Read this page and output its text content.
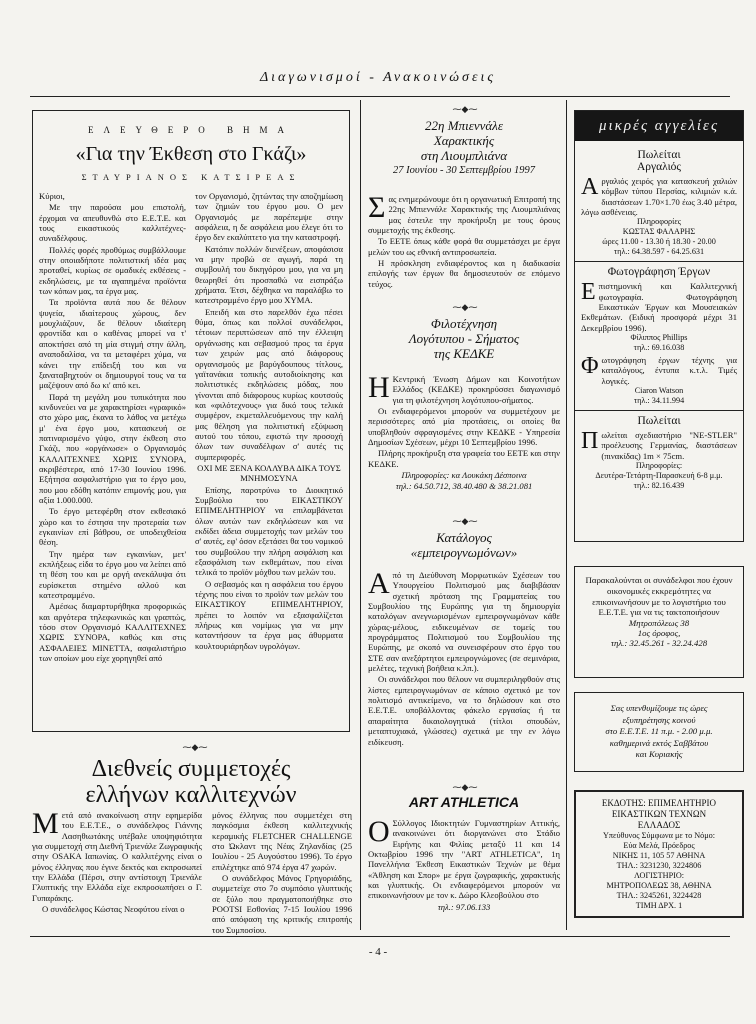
Διαγωνισμοί - Ανακοινώσεις
ΕΛΕΥΘΕΡΟ ΒΗΜΑ
«Για την Έκθεση στο Γκάζι»
ΣΤΑΥΡΙΑΝΟΣ ΚΑΤΣΙΡΕΑΣ

Κύριοι,

Με την παρούσα μου επιστολή, έρχομαι να απευθυνθώ στο Ε.Ε.Τ.Ε. και τους εικαστικούς καλλιτέχνες-συναδέλφους.

Πολλές φορές προθύμως συμβάλλουμε στην οποιαδήποτε πολιτιστική ιδέα μας προταθεί, κυρίως σε ομαδικές εκθέσεις - εκδηλώσεις, με τα αγαπημένα προϊόντα των κόπων μας, τα έργα μας.

Τα προϊόντα αυτά που δε θέλουν ψυγεία, ιδιαίτερους χώρους, δεν μουχλιάζουν, δε θέλουν ιδιαίτερη φροντίδα και ο καθένας μπορεί να τ' αποκτήσει από τη μία στιγμή στην άλλη, αναποδαλίσα, να τα μεταφέρει χύμα, να κάνει την επίδειξή του και να ξαναταβηχτούν οι δημιουργοί τους να τα μαζέψουν από δω κι' από κει.

Παρά τη μεγάλη μου τυπικότητα που κινδυνεύει να με χαρακτηρίσει «γραφικό» στο χώρο μας, έκανα το λάθος να μετέχω μ' ένα έργο μου, κατασκευή σε πατιναρισμένο γύψο, στην έκθεση στο Γκάζι, που «οργάνωσε» ο Οργανισμός ΚΑΛΛΙΤΕΧΝΕΣ ΧΩΡΙΣ ΣΥΝΟΡΑ, ακριβέστερα, από 17-30 Ιουνίου 1996. Εξήτησα ασφαλιστήριο για το έργο μου, που μου εδόθη κατόπιν επιμονής μου, για αξία 1.000.000.

Το έργο μετεφέρθη στον εκθεσιακό χώρο και το έστησα την προτεραία των εγκαινίων επί βάθρου, σε υποδειχθείσα θέση.

Την ημέρα των εγκαινίων, μετ' εκπλήξεως είδα το έργο μου να λείπει από τη θέση του και με οργή ανεκάλυψα ότι ευρίσκεται στημένο αλλού και κατεστραμμένο.

Αμέσως διαμαρτυρήθηκα προφορικώς και αργότερα τηλεφωνικώς και γραπτώς, τόσο στον Οργανισμό ΚΑΛΛΙΤΕΧΝΕΣ ΧΩΡΙΣ ΣΥΝΟΡΑ, καθώς και στις ΑΣΦΑΛΕΙΕΣ MINETTA, ασφαλιστήριο των οποίων μου είχε χορηγηθεί από

τον Οργανισμό, ζητώντας την αποζημίωση των ζημιών του έργου μου. Ο μεν Οργανισμός με παρέπεμψε στην ασφάλεια, η δε ασφάλεια μου έλεγε ότι το έργο δεν εκαλύπτετο για την καταστροφή.

Κατόπιν πολλών διενέξεων, αποφάσισα να μην προβώ σε αγωγή, παρά τη συμβουλή του δικηγόρου μου, για να μη θεωρηθεί ότι προσπαθώ να εισπράξω χρήματα. Έτσι, δέχθηκα να παραλάβω το κατεστραμμένο έργο μου ΧΥΜΑ.

Επειδή και στο παρελθόν έχω πέσει θύμα, όπως και πολλοί συνάδελφοι, τέτοιων περιπτώσεων από την έλλειψη οργάνωσης και σεβασμού προς τα έργα των χειρών μας από διάφορους οργανισμούς με βαρύγδουπους τίτλους, γαϊτανάκια τοπικής αυτοδιοίκησης και πολιτιστικές εκδηλώσεις μόδας, που γίνονται από διάφορους κυρίως κουτσούς και «φιλότεχνους» για δικό τους τελικά συμφέρον, εκμεταλλευόμενους την καλή μας θέληση για πολιτιστική εξύψωση αυτού του τόπου, εφιστώ την προσοχή όλων των συναδέλφων σ' αυτές τις συμπεριφορές.

ΟΧΙ ΜΕ ΞΕΝΑ ΚΟΛΛΥΒΑ ΔΙΚΑ ΤΟΥΣ ΜΝΗΜΟΣΥΝΑ

Επίσης, παροτρύνω το Διοικητικό Συμβούλιο του ΕΙΚΑΣΤΙΚΟΥ ΕΠΙΜΕΛΗΤΗΡΙΟΥ να επιλαμβάνεται όλων αυτών των εκδηλώσεων και να εκδίδει άδεια συμμετοχής των μελών του σ' αυτές, εφ' όσον εξετάσει θα του νομικού του συμβούλου την πλήρη ασφάλιση και εξασφάλιση των εκθεμάτων, που είναι τελικά το προϊόν μόχθου των μελών του.

Ο σεβασμός και η ασφάλεια του έργου τέχνης που είναι το προϊόν των μελών του ΕΙΚΑΣΤΙΚΟΥ ΕΠΙΜΕΛΗΤΗΡΙΟΥ, πρέπει το λοιπόν να εξασφαλίζεται πλήρως και νομίμως για να μην καταντήσουν τα έργα μας άθυρματα κουλτουριάρηδων υγρολόγων.

⁓◆⁓
Διεθνείς συμμετοχές
ελλήνων καλλιτεχνών
Μ ετά από ανακοίνωση στην εφημερίδα του Ε.Ε.Τ.Ε., ο συνάδελφος Γιάννης Λασηθιωτάκης υπέβαλε υποψηφιότητα για συμμετοχή στη Διεθνή Τριενάλε Ζωγραφικής στην OSAKA Ιαπωνίας. Ο καλλιτέχνης είναι ο μόνος έλληνας που έγινε δεκτός και εκπροσωπεί την Ελλάδα (Πέρσι, στην αντίστοιχη Τριενάλε Γλυπτικής την Ελλάδα είχε εκπροσωπήσει ο Γ. Γυπαράκης.

Ο συνάδελφος Κώστας Νεοφύτου είναι ο

μόνος έλληνας που συμμετέχει στη παγκόσμια έκθεση καλλιτεχνικής κεραμικής FLETCHER CHALLENGE στο Ώκλαντ της Νέας Ζηλανδίας (25 Ιουλίου - 25 Αυγούστου 1996). Το έργο επιλέχτηκε από 974 έργα 47 χωρών.

Ο συνάδελφος Μάνος Γρηγοριάδης, συμμετείχε στο 7ο συμπόσιο γλυπτικής σε ξύλο που πραγματοποιήθηκε στο POOTSI Εσθονίας 7-15 Ιουλίου 1996 από απόφαση της κριτικής επιτροπής του Συμποσίου.

⁓◆⁓
22η Μπιεννάλε
Χαρακτικής
στη Λιουμπλιάνα
27 Ιουνίου - 30 Σεπτεμβρίου 1997
Σ ας ενημερώνουμε ότι η οργανωτική Επιτροπή της 22ης Μπιεννάλε Χαρακτικής της Λιουμπλιάνας μας έστειλε την προκήρυξη με τους όρους συμμετοχής της έκθεσης.

Το ΕΕΤΕ όπως κάθε φορά θα συμμετάσχει με έργα μελών του ως εθνική αντιπροσωπεία.

Η πρόσκληση ενδιαφέροντος και η διαδικασία επιλογής των έργων θα δημοσιευτούν σε επόμενο τεύχος.

⁓◆⁓
Φιλοτέχνηση
Λογότυπου - Σήματος
της ΚΕΔΚΕ
Η Κεντρική Ένωση Δήμων και Κοινοτήτων Ελλάδος (ΚΕΔΚΕ) προκηρύσσει διαγωνισμό για τη φιλοτέχνηση λογότυπου-σήματος.

Οι ενδιαφερόμενοι μπορούν να συμμετέχουν με περισσότερες από μία προτάσεις, οι οποίες θα υποβληθούν σφραγισμένες στην ΚΕΔΚΕ - Υπηρεσία Δημοσίων Σχέσεων, μέχρι 10 Σεπτεμβρίου 1996.

Πλήρης προκήρυξη στα γραφεία του ΕΕΤΕ και στην ΚΕΔΚΕ.

Πληροφορίες: κα Λουκάκη Δέσποινα

τηλ.: 64.50.712, 38.40.480 & 38.21.081

⁓◆⁓
Κατάλογος
«εμπειρογνωμόνων»
Α πό τη Διεύθυνση Μορφωτικών Σχέσεων του Υπουργείου Πολιτισμού μας διαβιβάσαν σχετική πρόταση της Γραμματείας του Συμβουλίου της Ευρώπης για τη δημιουργία καταλόγων ανεγνωρισμένων εμπειρογνωμόνων κάθε χώρας-μέλους, ειδικευμένων σε τομείς του προγράμματος Πολιτισμού του Συμβουλίου της Ευρώπης, με σκοπό να συνεισφέρουν στο έργο του ΣΤΕ σαν ανεξάρτητοι εμπειρογνώμονες (σε σεμινάρια, μελέτες, τεχνική βοήθεια κ.λπ.).

Οι συνάδελφοι που θέλουν να συμπεριληφθούν στις λίστες εμπειρογνωμόνων σε κάποιο σχετικό με τον πολιτισμό αντικείμενο, να το δηλώσουν και στο Ε.Ε.Τ.Ε. υποβάλλοντας φάκελο εργασίας ή τα απαραίτητα δικαιολογητικά (τίτλοι σπουδών, μεταπτυχιακά, γλώσσες) σχετικά με την εν λόγω ειδίκευση.

⁓◆⁓
ART ATHLETICA
Ο Σύλλογος Ιδιοκτητών Γυμναστηρίων Αττικής, ανακοινώνει ότι διοργανώνει στο Στάδιο Ειρήνης και Φιλίας μεταξύ 11 και 14 Οκτωβρίου 1996 την "ART ATHLETICA", 1η Πανελλήνια Έκθεση Εικαστικών Τεχνών με θέμα «Άθληση και Σπορ» με έργα ζωγραφικής, χαρακτικής και γλυπτικής. Οι ενδιαφερόμενοι μπορούν να επικοινωνήσουν με τον κ. Δώρο Κλεοβούλου στο

τηλ.: 97.06.133

μικρές αγγελίες
Πωλείται
Αργαλιός
Α ργαλιός χειρός για κατασκευή χαλιών κόμβων τύπου Περσίας, κιλιμιών κ.ά. διαστάσεων 1.70×1.70 έως 3.40 μέτρα, λόγω ασθένειας.
Πληροφορίες
ΚΩΣΤΑΣ ΦΑΛΑΡΗΣ
ώρες 11.00 - 13.30 ή 18.30 - 20.00
τηλ.: 64.38.597 - 64.25.631
Φωτογράφηση Έργων
Ε πιστημονική και Καλλιτεχνική φωτογραφία. Φωτογράφηση Εικαστικών Έργων και Μουσειακών Εκθεμάτων. (Ειδική προσφορά μέχρι 31 Δεκεμβρίου 1996).
Φίλιππος Phillips
τηλ.: 69.16.038
Φ ωτογράφηση έργων τέχνης για καταλόγους, έντυπα κ.τ.λ. Τιμές λογικές.
Ciaron Watson
τηλ.: 34.11.994
Πωλείται
Π ωλείται σχεδιαστήριο "NE-STLER" προέλευσης Γερμανίας, διαστάσεων (πινακίδας) 1m × 75cm.
Πληροφορίες:
Δευτέρα-Τετάρτη-Παρασκευή 6-8 μ.μ.
τηλ.: 82.16.439
Παρακαλούνται οι συνάδελφοι που έχουν οικονομικές εκκρεμότητες να επικοινωνήσουν με το λογιστήριο του Ε.Ε.Τ.Ε. για να τις τακτοποιήσουν
Μητροπόλεως 38
1ος όροφος,
τηλ.: 32.45.261 - 32.24.428
Σας υπενθυμίζουμε τις ώρες
εξυπηρέτησης κοινού
στο Ε.Ε.Τ.Ε. 11 π.μ. - 2.00 μ.μ.
καθημερινά εκτός Σαββάτου
και Κυριακής
ΕΚΔΟΤΗΣ: ΕΠΙΜΕΛΗΤΗΡΙΟ
ΕΙΚΑΣΤΙΚΩΝ ΤΕΧΝΩΝ
ΕΛΛΑΔΟΣ
Υπεύθυνος Σύμφωνα με το Νόμο:
Εύα Μελά, Πρόεδρος
ΝΙΚΗΣ 11, 105 57 ΑΘΗΝΑ
ΤΗΛ.: 3231230, 3224806
ΛΟΓΙΣΤΗΡΙΟ:
ΜΗΤΡΟΠΟΛΕΩΣ 38, ΑΘΗΝΑ
ΤΗΛ.: 3245261, 3224428
ΤΙΜΗ ΔΡΧ. 1
- 4 -
